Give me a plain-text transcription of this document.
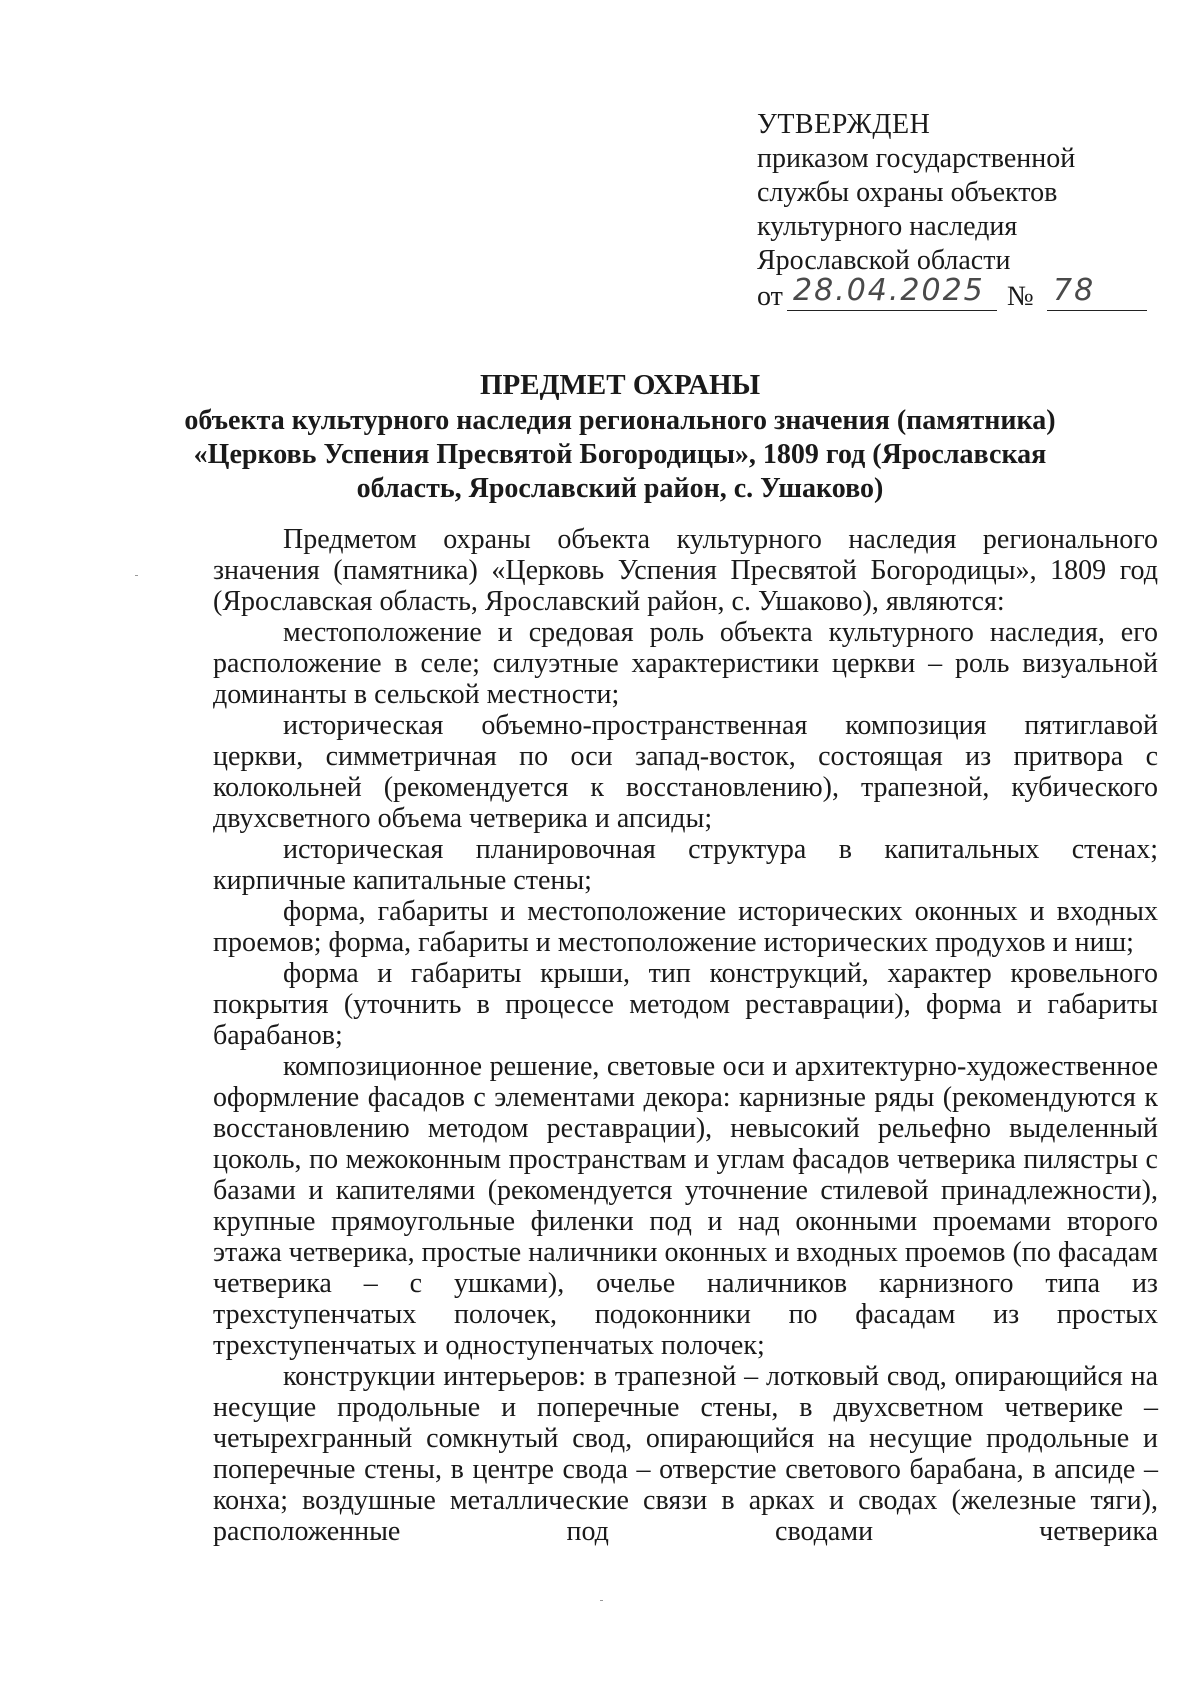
УТВЕРЖДЕН
приказом государственной
службы охраны объектов
культурного наследия
Ярославской области
от 28.04.2025 № 78
ПРЕДМЕТ ОХРАНЫ
объекта культурного наследия регионального значения (памятника)
«Церковь Успения Пресвятой Богородицы», 1809 год (Ярославская
область, Ярославский район, с. Ушаково)

Предметом охраны объекта культурного наследия регионального значения (памятника) «Церковь Успения Пресвятой Богородицы», 1809 год (Ярославская область, Ярославский район, с. Ушаково), являются:

местоположение и средовая роль объекта культурного наследия, его расположение в селе; силуэтные характеристики церкви – роль визуальной доминанты в сельской местности;

историческая объемно-пространственная композиция пятиглавой церкви, симметричная по оси запад-восток, состоящая из притвора с колокольней (рекомендуется к восстановлению), трапезной, кубического двухсветного объема четверика и апсиды;

историческая планировочная структура в капитальных стенах; кирпичные капитальные стены;

форма, габариты и местоположение исторических оконных и входных проемов; форма, габариты и местоположение исторических продухов и ниш;

форма и габариты крыши, тип конструкций, характер кровельного покрытия (уточнить в процессе методом реставрации), форма и габариты барабанов;

композиционное решение, световые оси и архитектурно-художественное оформление фасадов с элементами декора: карнизные ряды (рекомендуются к восстановлению методом реставрации), невысокий рельефно выделенный цоколь, по межоконным пространствам и углам фасадов четверика пилястры с базами и капителями (рекомендуется уточнение стилевой принадлежности), крупные прямоугольные филенки под и над оконными проемами второго этажа четверика, простые наличники оконных и входных проемов (по фасадам четверика – с ушками), очелье наличников карнизного типа из трехступенчатых полочек, подоконники по фасадам из простых трехступенчатых и одноступенчатых полочек;

конструкции интерьеров: в трапезной – лотковый свод, опирающийся на несущие продольные и поперечные стены, в двухсветном четверике – четырехгранный сомкнутый свод, опирающийся на несущие продольные и поперечные стены, в центре свода – отверстие светового барабана, в апсиде – конха; воздушные металлические связи в арках и сводах (железные тяги), расположенные под сводами четверика
